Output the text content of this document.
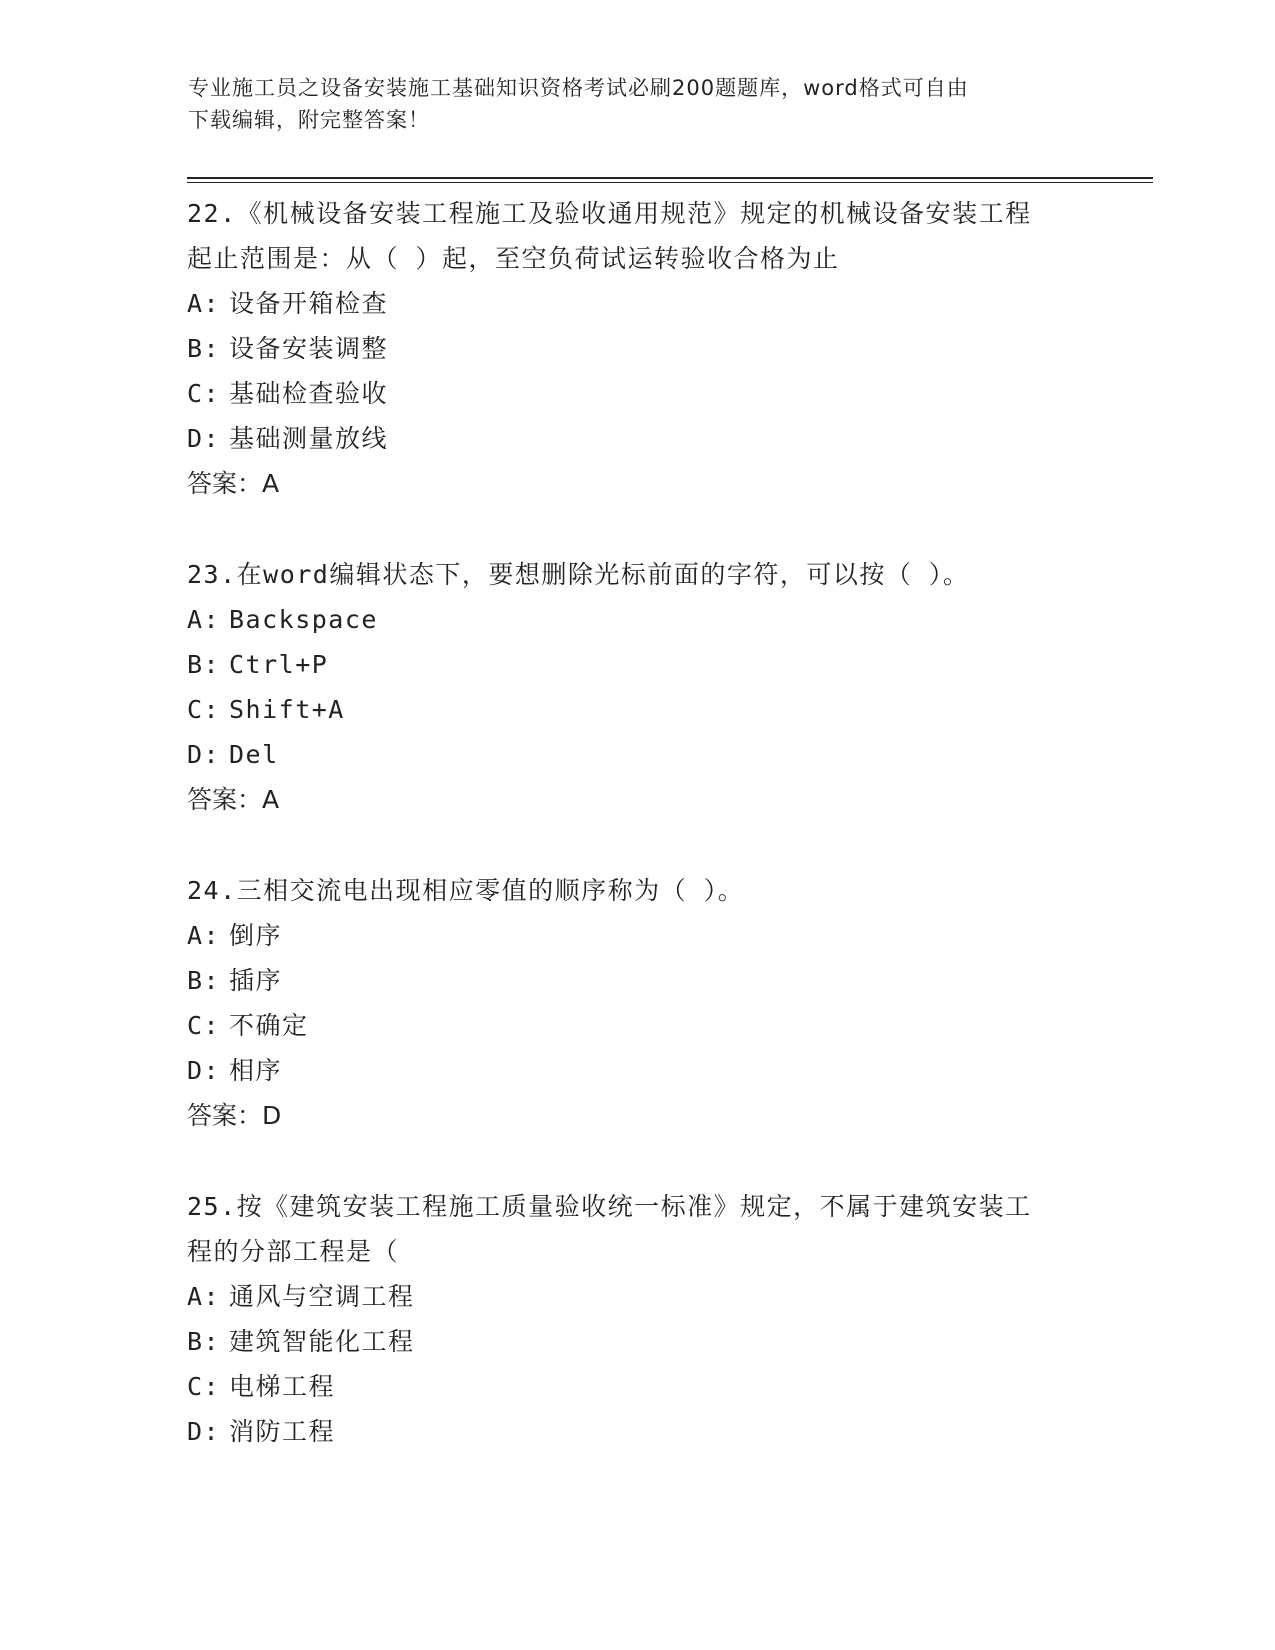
专业施工员之设备安装施工基础知识资格考试必刷200题题库，word格式可自由
下载编辑，附完整答案！

22.《机械设备安装工程施工及验收通用规范》规定的机械设备安装工程起止范围是：从（ ）起，至空负荷试运转验收合格为止

A: 设备开箱检查
B: 设备安装调整
C: 基础检查验收
D: 基础测量放线
答案：A

23.在word编辑状态下，要想删除光标前面的字符，可以按（ ）。

A: Backspace
B: Ctrl+P
C: Shift+A
D: Del
答案：A

24.三相交流电出现相应零值的顺序称为（ ）。

A: 倒序
B: 插序
C: 不确定
D: 相序
答案：D

25.按《建筑安装工程施工质量验收统一标准》规定，不属于建筑安装工程的分部工程是（

A: 通风与空调工程
B: 建筑智能化工程
C: 电梯工程
D: 消防工程
